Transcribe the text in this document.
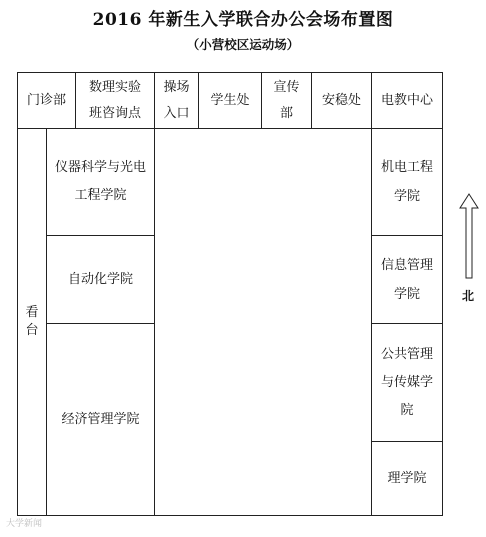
2016 年新生入学联合办公会场布置图
（小营校区运动场）
门诊部
数理实验班咨询点
操场入口
学生处
宣传部
安稳处 电教中心
看台
仪器科学与光电工程学院
自动化学院
经济管理学院
机电工程学院
信息管理学院
公共管理与传媒学院
理学院
北
大学新闻
